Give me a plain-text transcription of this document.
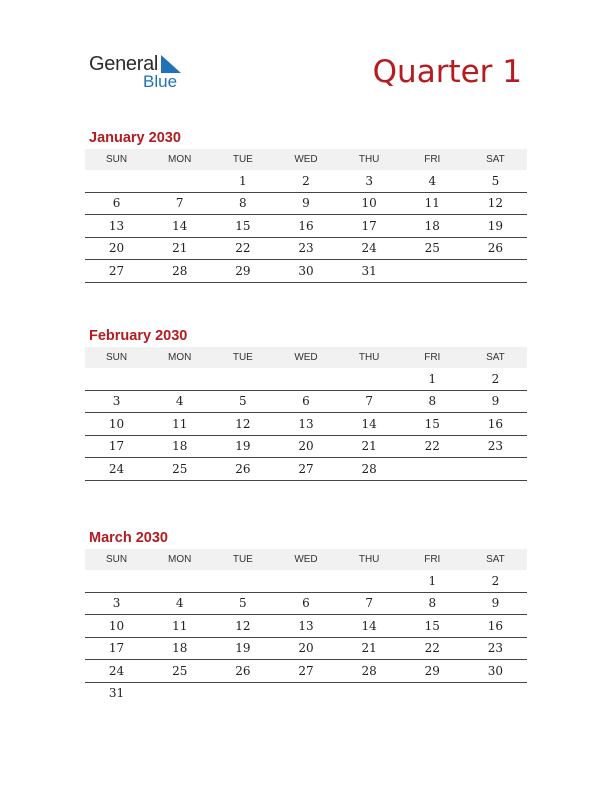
General
Blue	Quarter 1
January 2030
SUN	MON	TUE	WED	THU	FRI	SAT
		1	2	3	4	5
6	7	8	9	10	11	12
13	14	15	16	17	18	19
20	21	22	23	24	25	26
27	28	29	30	31		
February 2030
SUN	MON	TUE	WED	THU	FRI	SAT
					1	2
3	4	5	6	7	8	9
10	11	12	13	14	15	16
17	18	19	20	21	22	23
24	25	26	27	28		
March 2030
SUN	MON	TUE	WED	THU	FRI	SAT
					1	2
3	4	5	6	7	8	9
10	11	12	13	14	15	16
17	18	19	20	21	22	23
24	25	26	27	28	29	30
31						
